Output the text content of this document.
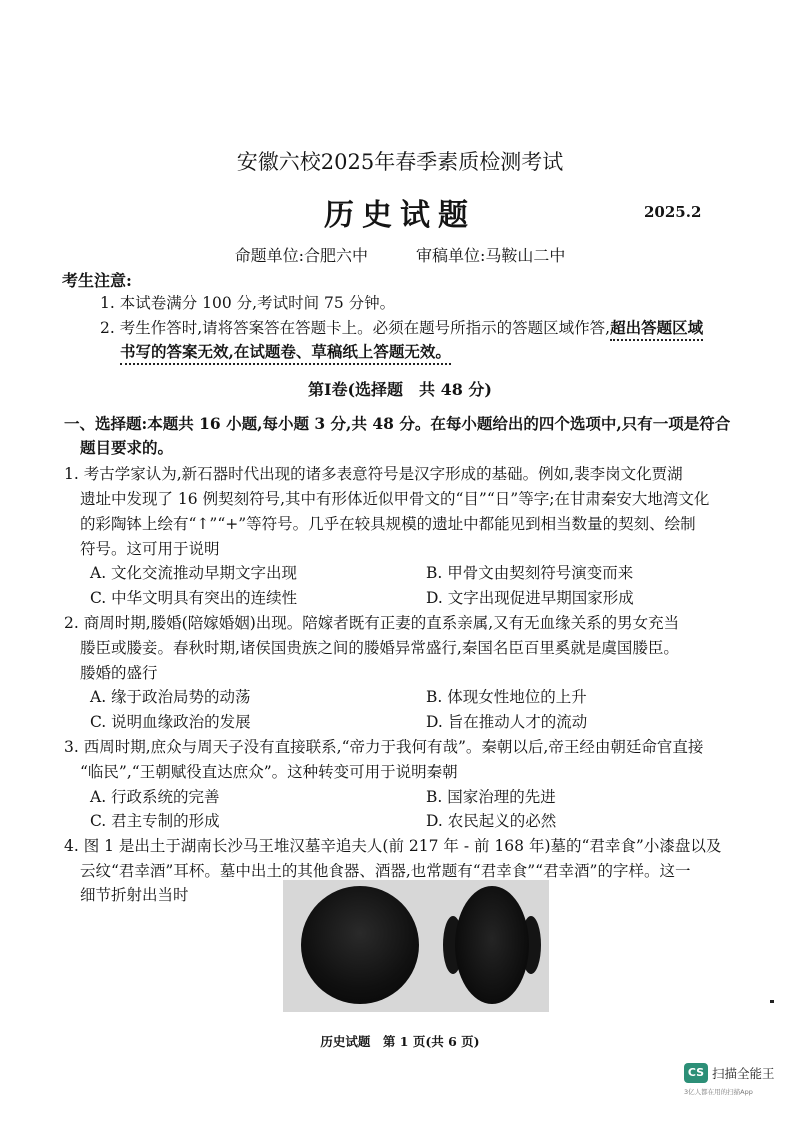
安徽六校2025年春季素质检测考试
历史试题	2025.2
命题单位:合肥六中　　　审稿单位:马鞍山二中
考生注意:
1. 本试卷满分 100 分,考试时间 75 分钟。
2. 考生作答时,请将答案答在答题卡上。必须在题号所指示的答题区域作答,超出答题区域
书写的答案无效,在试题卷、草稿纸上答题无效。
第Ⅰ卷(选择题　共 48 分)
一、选择题:本题共 16 小题,每小题 3 分,共 48 分。在每小题给出的四个选项中,只有一项是符合
题目要求的。
1. 考古学家认为,新石器时代出现的诸多表意符号是汉字形成的基础。例如,裴李岗文化贾湖
遗址中发现了 16 例契刻符号,其中有形体近似甲骨文的“目”“日”等字;在甘肃秦安大地湾文化
的彩陶钵上绘有“↑”“+”等符号。几乎在较具规模的遗址中都能见到相当数量的契刻、绘制
符号。这可用于说明
A. 文化交流推动早期文字出现	B. 甲骨文由契刻符号演变而来
C. 中华文明具有突出的连续性	D. 文字出现促进早期国家形成
2. 商周时期,媵婚(陪嫁婚姻)出现。陪嫁者既有正妻的直系亲属,又有无血缘关系的男女充当
媵臣或媵妾。春秋时期,诸侯国贵族之间的媵婚异常盛行,秦国名臣百里奚就是虞国媵臣。
媵婚的盛行
A. 缘于政治局势的动荡	B. 体现女性地位的上升
C. 说明血缘政治的发展	D. 旨在推动人才的流动
3. 西周时期,庶众与周天子没有直接联系,“帝力于我何有哉”。秦朝以后,帝王经由朝廷命官直接
“临民”,“王朝赋役直达庶众”。这种转变可用于说明秦朝
A. 行政系统的完善	B. 国家治理的先进
C. 君主专制的形成	D. 农民起义的必然
4. 图 1 是出土于湖南长沙马王堆汉墓辛追夫人(前 217 年 - 前 168 年)墓的“君幸食”小漆盘以及
云纹“君幸酒”耳杯。墓中出土的其他食器、酒器,也常题有“君幸食”“君幸酒”的字样。这一
细节折射出当时
历史试题　第 1 页(共 6 页)
CS 扫描全能王
3亿人都在用的扫描App
